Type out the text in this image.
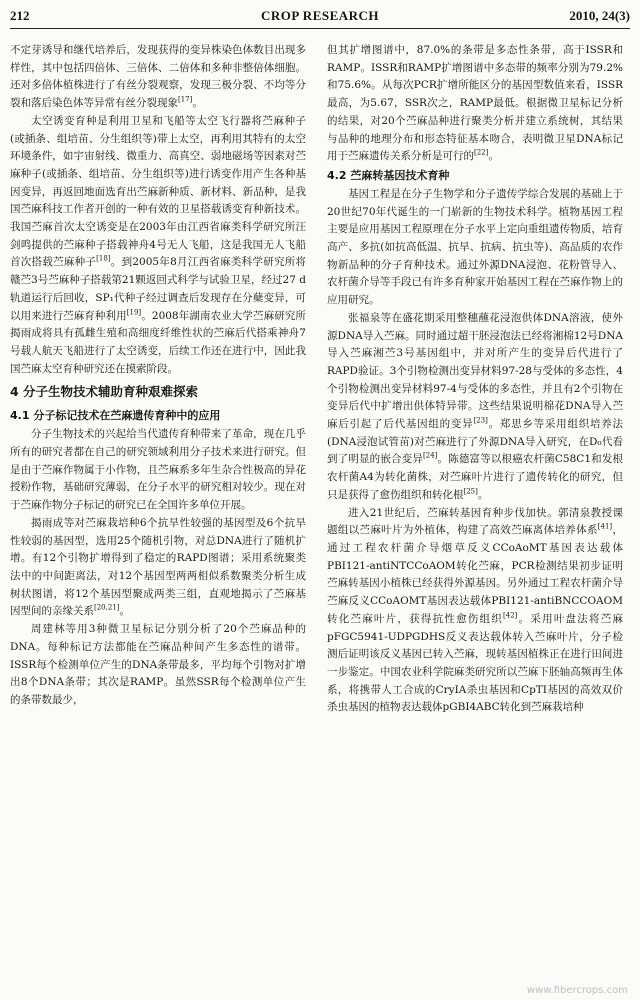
212	CROP RESEARCH	2010, 24(3)

不定芽诱导和继代培养后，发现获得的变异株染色体数目出现多样性，其中包括四倍体、三倍体、二倍体和多种非整倍体细胞。还对多倍体植株进行了有丝分裂观察，发现三极分裂、不均等分裂和落后染色体等异常有丝分裂现象[17]。

太空诱变育种是利用卫星和飞船等太空飞行器将苎麻种子(或插条、组培苗、分生组织等)带上太空，再利用其特有的太空环境条件，如宇宙射线、微重力、高真空、弱地磁场等因素对苎麻种子(或插条、组培苗、分生组织等)进行诱变作用产生各种基因变异，再返回地面选育出苎麻新种质、新材料、新品种，是我国苎麻科技工作者开创的一种有效的卫星搭载诱变育种新技术。我国苎麻首次太空诱变是在2003年由江西省麻类科学研究所汪剑鸣提供的苎麻种子搭载神舟4号无人飞船，这是我国无人飞船首次搭载苎麻种子[18]。到2005年8月江西省麻类科学研究所将赣苎3号苎麻种子搭载第21颗返回式科学与试验卫星，经过27 d轨道运行后回收，SP₁代种子经过调查后发现存在分蘖变异，可以用来进行苎麻育种利用[19]。2008年湖南农业大学苎麻研究所揭雨成将具有孤雌生殖和高细度纤维性状的苎麻后代搭乘神舟7号载人航天飞船进行了太空诱变，后续工作还在进行中，因此我国苎麻太空育种研究还在摸索阶段。

4 分子生物技术辅助育种艰难探索
4.1 分子标记技术在苎麻遗传育种中的应用

分子生物技术的兴起给当代遗传育种带来了革命，现在几乎所有的研究者都在自己的研究领域利用分子技术来进行研究。但是由于苎麻作物属于小作物，且苎麻系多年生杂合性极高的异花授粉作物，基础研究薄弱，在分子水平的研究相对较少。现在对于苎麻作物分子标记的研究已在全国许多单位开展。

揭雨成等对苎麻栽培种6个抗旱性较强的基因型及6个抗旱性较弱的基因型，选用25个随机引物，对总DNA进行了随机扩增。有12个引物扩增得到了稳定的RAPD图谱；采用系统聚类法中的中间距离法，对12个基因型两两相似系数聚类分析生成树状图谱，将12个基因型聚成两类三组，直观地揭示了苎麻基因型间的亲缘关系[20,21]。

周建林等用3种微卫星标记分别分析了20个苎麻品种的DNA。每种标记方法都能在苎麻品种间产生多态性的谱带。ISSR每个检测单位产生的DNA条带最多，平均每个引物对扩增出8个DNA条带；其次是RAMP。虽然SSR每个检测单位产生的条带数最少，

但其扩增图谱中，87.0%的条带是多态性条带，高于ISSR和RAMP。ISSR和RAMP扩增图谱中多态带的频率分别为79.2%和75.6%。从每次PCR扩增所能区分的基因型数值来看，ISSR最高，为5.67，SSR次之，RAMP最低。根据微卫星标记分析的结果，对20个苎麻品种进行聚类分析并建立系统树，其结果与品种的地理分布和形态特征基本吻合，表明微卫星DNA标记用于苎麻遗传关系分析是可行的[22]。

4.2 苎麻转基因技术育种

基因工程是在分子生物学和分子遗传学综合发展的基础上于20世纪70年代诞生的一门崭新的生物技术科学。植物基因工程主要是应用基因工程原理在分子水平上定向重组遗传物质，培育高产、多抗(如抗高低温、抗旱、抗病、抗虫等)、高品质的农作物新品种的分子育种技术。通过外源DNA浸泡、花粉管导入、农杆菌介导等手段已有许多育种家开始基因工程在苎麻作物上的应用研究。

张福泉等在盛花期采用整穗蘸花浸泡供体DNA溶液，使外源DNA导入苎麻。同时通过超干胚浸泡法已经将湘棉12号DNA导入苎麻湘苎3号基因组中，并对所产生的变异后代进行了RAPD验证。3个引物检测出变异材料97-28与受体的多态性，4个引物检测出变异材料97-4与受体的多态性，并且有2个引物在变异后代中扩增出供体特异带。这些结果说明棉花DNA导入苎麻后引起了后代基因组的变异[23]。郑思乡等采用组织培养法(DNA浸泡试管苗)对苎麻进行了外源DNA导入研究，在D₀代看到了明显的嵌合变异[24]。陈德富等以根癌农杆菌C58C1和发根农杆菌A4为转化菌株，对苎麻叶片进行了遗传转化的研究，但只是获得了愈伤组织和转化根[25]。

进入21世纪后，苎麻转基因育种步伐加快。郭清泉教授课题组以苎麻叶片为外植体，构建了高效苎麻离体培养体系[41]，通过工程农杆菌介导烟草反义CCoAoMT基因表达载体PBI121-antiNTCCoAOM转化苎麻，PCR检测结果初步证明苎麻转基因小植株已经获得外源基因。另外通过工程农杆菌介导苎麻反义CCoAOMT基因表达载体PBI121-antiBNCCOAOM转化苎麻叶片，获得抗性愈伤组织[42]。采用叶盘法将苎麻pFGC5941-UDPGDHS反义表达载体转入苎麻叶片，分子检测后证明该反义基因已转入苎麻，现转基因植株正在进行田间进一步鉴定。中国农业科学院麻类研究所以苎麻下胚轴高频再生体系，将携带人工合成的CryIA杀虫基因和CpTI基因的高效双价杀虫基因的植物表达载体pGBI4ABC转化到苎麻栽培种

www.fibercrops.com
